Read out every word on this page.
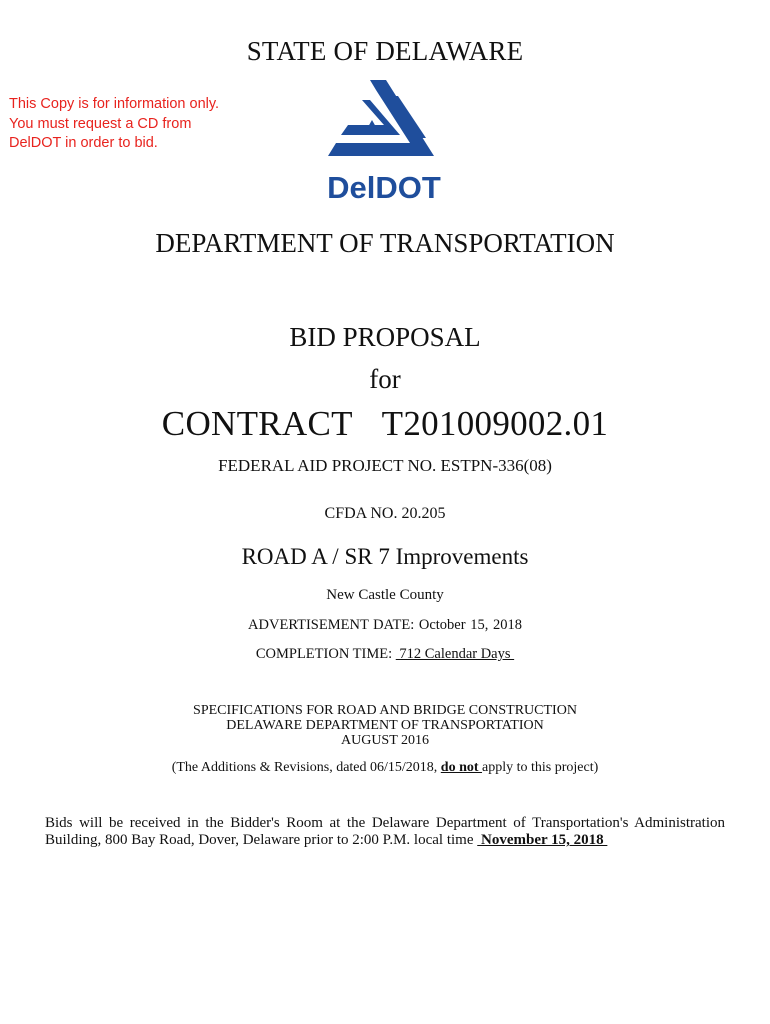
STATE OF DELAWARE
This Copy is for information only.
You must request a CD from
DelDOT in order to bid.
DelDOT
DEPARTMENT OF TRANSPORTATION
BID PROPOSAL
for
CONTRACT  T201009002.01
FEDERAL AID PROJECT NO. ESTPN-336(08)
CFDA NO. 20.205
ROAD A / SR 7 Improvements
New Castle County
ADVERTISEMENT DATE: October 15, 2018
COMPLETION TIME:  712 Calendar Days
SPECIFICATIONS FOR ROAD AND BRIDGE CONSTRUCTION
DELAWARE DEPARTMENT OF TRANSPORTATION
AUGUST 2016
(The Additions & Revisions, dated 06/15/2018, do not apply to this project)
Bids will be received in the Bidder's Room at the Delaware Department of Transportation's Administration Building, 800 Bay Road, Dover, Delaware prior to 2:00 P.M. local time  November 15, 2018
